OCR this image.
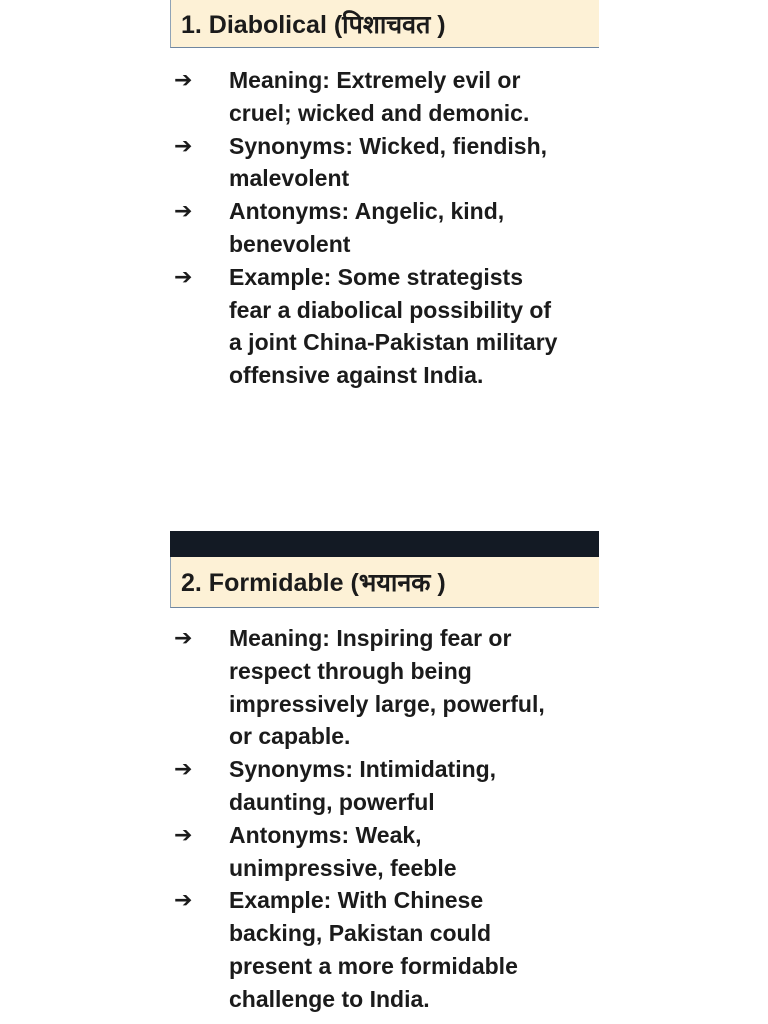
1. Diabolical (पिशाचवत )
➔	Meaning: Extremely evil or cruel; wicked and demonic.
➔	Synonyms: Wicked, fiendish, malevolent
➔	Antonyms: Angelic, kind, benevolent
➔	Example: Some strategists fear a diabolical possibility of a joint China-Pakistan military offensive against India.
2. Formidable (भयानक )
➔	Meaning: Inspiring fear or respect through being impressively large, powerful, or capable.
➔	Synonyms: Intimidating, daunting, powerful
➔	Antonyms: Weak, unimpressive, feeble
➔	Example: With Chinese backing, Pakistan could present a more formidable challenge to India.
